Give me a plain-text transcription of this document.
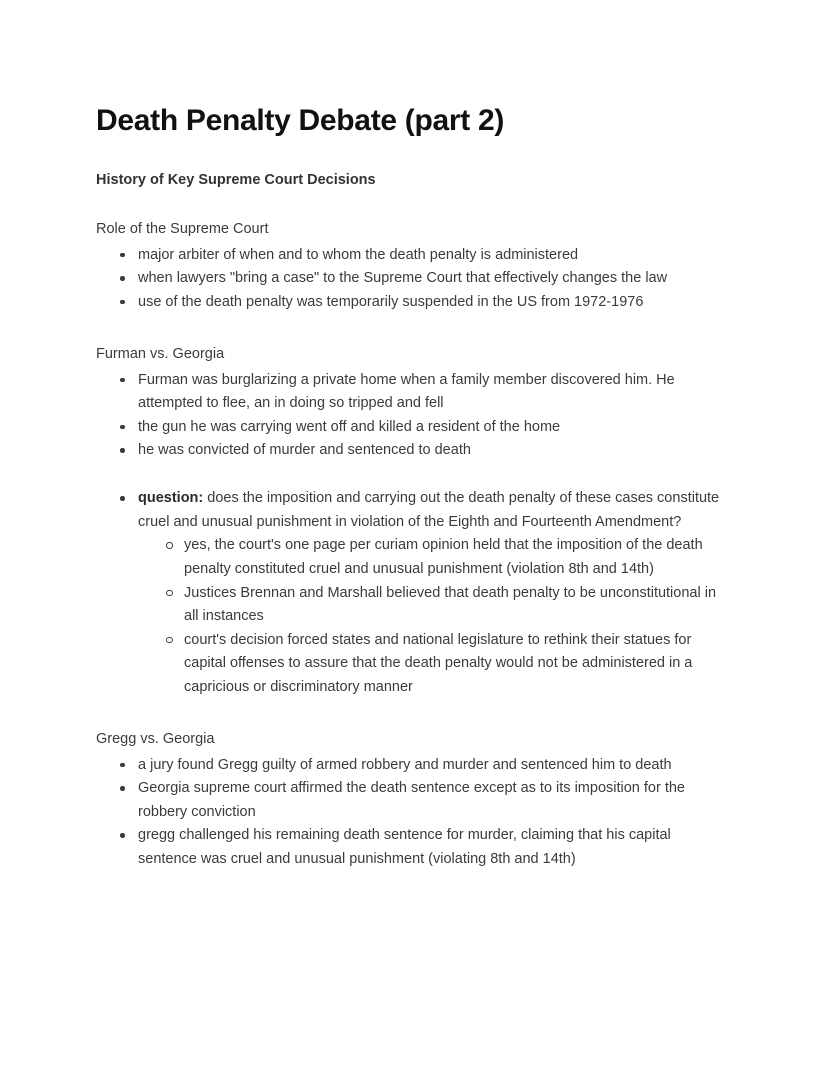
Death Penalty Debate (part 2)
History of Key Supreme Court Decisions

Role of the Supreme Court

major arbiter of when and to whom the death penalty is administered
when lawyers "bring a case" to the Supreme Court that effectively changes the law
use of the death penalty was temporarily suspended in the US from 1972-1976

Furman vs. Georgia

Furman was burglarizing a private home when a family member discovered him. He attempted to flee, an in doing so tripped and fell
the gun he was carrying went off and killed a resident of the home
he was convicted of murder and sentenced to death
question: does the imposition and carrying out the death penalty of these cases constitute cruel and unusual punishment in violation of the Eighth and Fourteenth Amendment?
yes, the court's one page per curiam opinion held that the imposition of the death penalty constituted cruel and unusual punishment (violation 8th and 14th)
Justices Brennan and Marshall believed that death penalty to be unconstitutional in all instances
court's decision forced states and national legislature to rethink their statues for capital offenses to assure that the death penalty would not be administered in a capricious or discriminatory manner

Gregg vs. Georgia

a jury found Gregg guilty of armed robbery and murder and sentenced him to death
Georgia supreme court affirmed the death sentence except as to its imposition for the robbery conviction
gregg challenged his remaining death sentence for murder, claiming that his capital sentence was cruel and unusual punishment (violating 8th and 14th)
